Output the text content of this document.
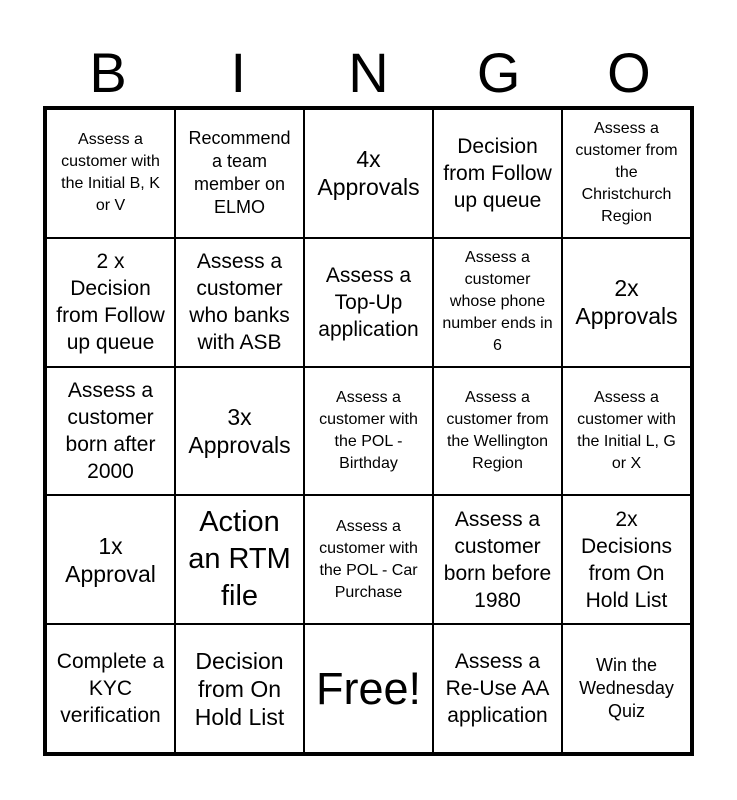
B	I	N	G	O
Assess a customer with the Initial B, K or V
Recommend a team member on ELMO
4x Approvals
Decision from Follow up queue
Assess a customer from the Christchurch Region
2 x Decision from Follow up queue
Assess a customer who banks with ASB
Assess a Top-Up application
Assess a customer whose phone number ends in 6
2x Approvals
Assess a customer born after 2000
3x Approvals
Assess a customer with the POL - Birthday
Assess a customer from the Wellington Region
Assess a customer with the Initial L, G or X
1x Approval
Action an RTM file
Assess a customer with the POL - Car Purchase
Assess a customer born before 1980
2x Decisions from On Hold List
Complete a KYC verification
Decision from On Hold List
Free!
Assess a Re-Use AA application
Win the Wednesday Quiz
